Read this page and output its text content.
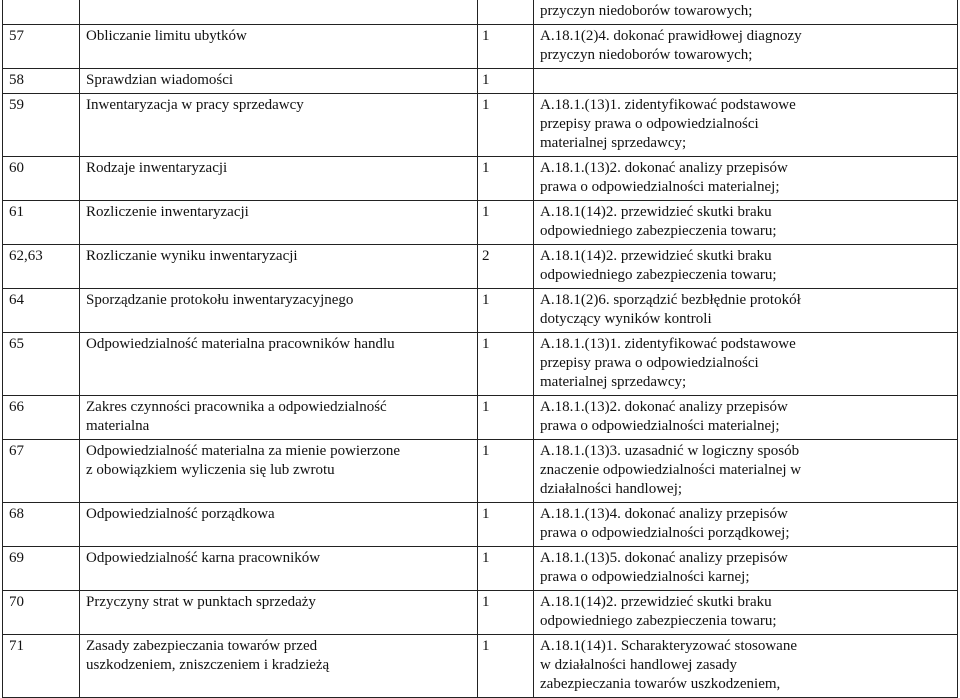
			przyczyn niedoborów towarowych;

57	Obliczanie limitu ubytków	1	A.18.1(2)4. dokonać prawidłowej diagnozy
przyczyn niedoborów towarowych;

58	Sprawdzian wiadomości	1	
59	Inwentaryzacja w pracy sprzedawcy	1	A.18.1.(13)1. zidentyfikować podstawowe
przepisy prawa o odpowiedzialności
materialnej sprzedawcy;

60	Rodzaje inwentaryzacji	1	A.18.1.(13)2. dokonać analizy przepisów
prawa o odpowiedzialności materialnej;

61	Rozliczenie inwentaryzacji	1	A.18.1(14)2. przewidzieć skutki braku
odpowiedniego zabezpieczenia towaru;

62,63	Rozliczanie wyniku inwentaryzacji	2	A.18.1(14)2. przewidzieć skutki braku
odpowiedniego zabezpieczenia towaru;

64	Sporządzanie protokołu inwentaryzacyjnego	1	A.18.1(2)6. sporządzić bezbłędnie protokół
dotyczący wyników kontroli

65	Odpowiedzialność materialna pracowników handlu	1	A.18.1.(13)1. zidentyfikować podstawowe
przepisy prawa o odpowiedzialności
materialnej sprzedawcy;

66	Zakres czynności pracownika a odpowiedzialność
materialna	1	A.18.1.(13)2. dokonać analizy przepisów
prawa o odpowiedzialności materialnej;

67	Odpowiedzialność materialna za mienie powierzone
z obowiązkiem wyliczenia się lub zwrotu	1	A.18.1.(13)3. uzasadnić w logiczny sposób
znaczenie odpowiedzialności materialnej w
działalności handlowej;

68	Odpowiedzialność porządkowa	1	A.18.1.(13)4. dokonać analizy przepisów
prawa o odpowiedzialności porządkowej;

69	Odpowiedzialność karna pracowników	1	A.18.1.(13)5. dokonać analizy przepisów
prawa o odpowiedzialności karnej;

70	Przyczyny strat w punktach sprzedaży	1	A.18.1(14)2. przewidzieć skutki braku
odpowiedniego zabezpieczenia towaru;

71	Zasady zabezpieczania towarów przed
uszkodzeniem, zniszczeniem i kradzieżą	1	A.18.1(14)1. Scharakteryzować stosowane
w działalności handlowej zasady
zabezpieczania towarów uszkodzeniem,
